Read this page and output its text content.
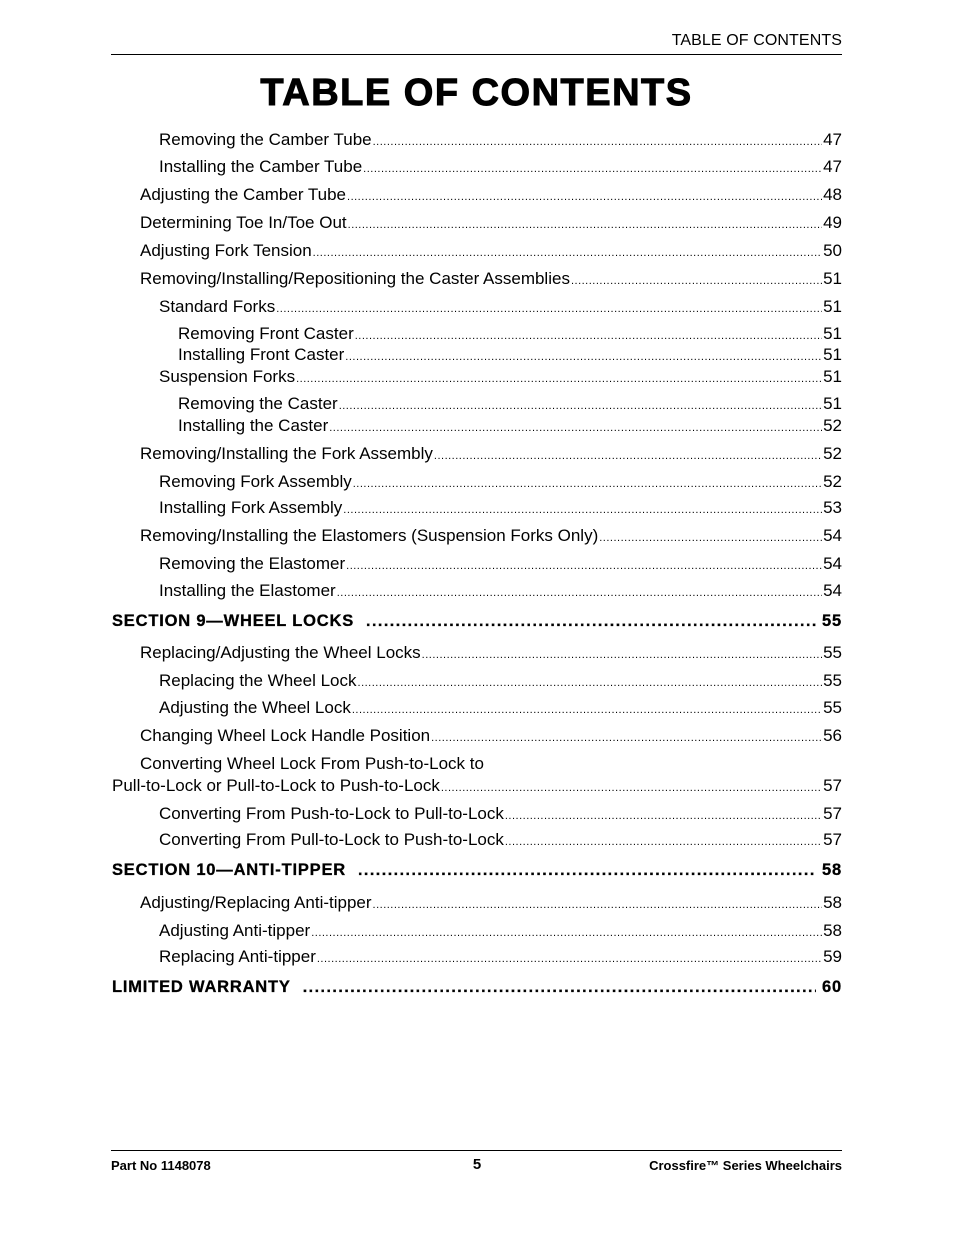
TABLE OF CONTENTS
TABLE OF CONTENTS
Removing the Camber Tube .....	47
Installing the Camber Tube .....	47
Adjusting the Camber Tube .....	48
Determining Toe In/Toe Out .....	49
Adjusting Fork Tension .....	50
Removing/Installing/Repositioning the Caster Assemblies .....	51
Standard Forks .....	51
Removing Front Caster .....	51
Installing Front Caster .....	51
Suspension Forks .....	51
Removing the Caster .....	51
Installing the Caster .....	52
Removing/Installing the Fork Assembly .....	52
Removing Fork Assembly .....	52
Installing Fork Assembly .....	53
Removing/Installing the Elastomers (Suspension Forks Only) .....	54
Removing the Elastomer .....	54
Installing the Elastomer .....	54
SECTION 9—WHEEL LOCKS .....	55
Replacing/Adjusting the Wheel Locks .....	55
Replacing the Wheel Lock .....	55
Adjusting the Wheel Lock .....	55
Changing Wheel Lock Handle Position .....	56
Converting Wheel Lock From Push-to-Lock to
Pull-to-Lock or Pull-to-Lock to Push-to-Lock .....	57
Converting From Push-to-Lock to Pull-to-Lock .....	57
Converting From Pull-to-Lock to Push-to-Lock .....	57
SECTION 10—ANTI-TIPPER .....	58
Adjusting/Replacing Anti-tipper .....	58
Adjusting Anti-tipper .....	58
Replacing Anti-tipper .....	59
LIMITED WARRANTY .....	60
Part No 1148078	5	Crossfire™ Series Wheelchairs
